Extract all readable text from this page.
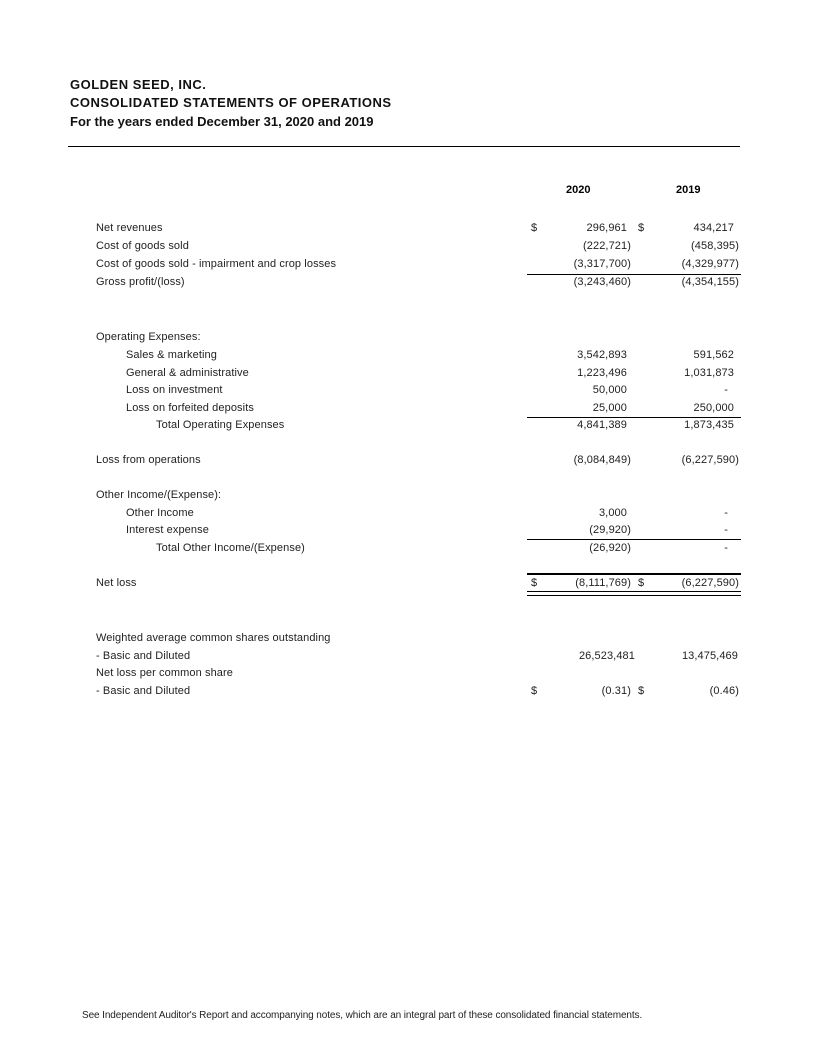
GOLDEN SEED, INC.
CONSOLIDATED STATEMENTS OF OPERATIONS
For the years ended December 31, 2020 and 2019
2020	2019
Net revenues	$	296,961 $	434,217
Cost of goods sold	(222,721)	(458,395)
Cost of goods sold - impairment and crop losses	(3,317,700)	(4,329,977)
Gross profit/(loss)	(3,243,460)	(4,354,155)
Operating Expenses:
Sales & marketing	3,542,893	591,562
General & administrative	1,223,496	1,031,873
Loss on investment	50,000	-
Loss on forfeited deposits	25,000	250,000
Total Operating Expenses	4,841,389	1,873,435
Loss from operations	(8,084,849)	(6,227,590)
Other Income/(Expense):
Other Income	3,000	-
Interest expense	(29,920)	-
Total Other Income/(Expense)	(26,920)	-
Net loss	$	(8,111,769) $	(6,227,590)
Weighted average common shares outstanding
- Basic and Diluted	26,523,481	13,475,469
Net loss per common share
- Basic and Diluted	$	(0.31) $	(0.46)
See Independent Auditor's Report and accompanying notes, which are an integral part of these consolidated financial statements.
